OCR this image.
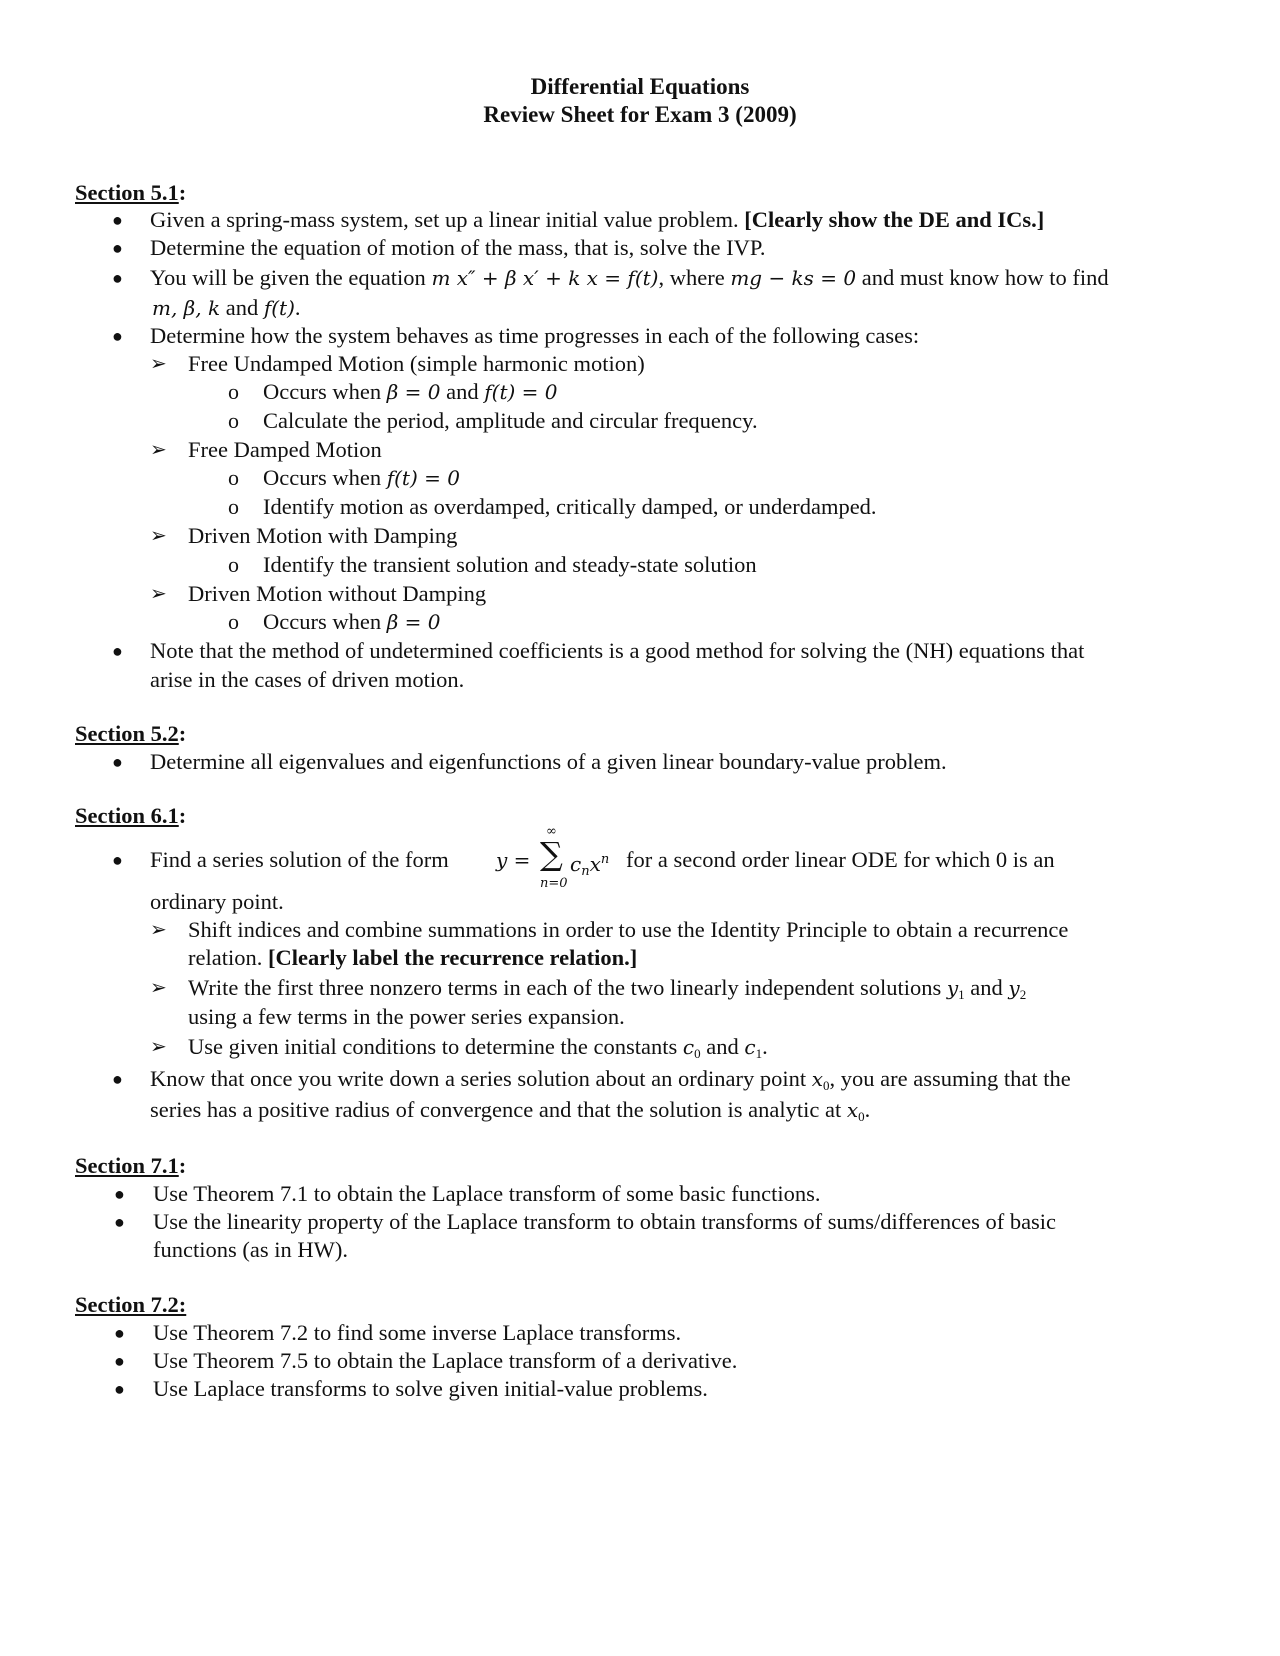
Differential Equations
Review Sheet for Exam 3 (2009)
Section 5.1:
● Given a spring-mass system, set up a linear initial value problem. [Clearly show the DE and ICs.]
● Determine the equation of motion of the mass, that is, solve the IVP.
● You will be given the equation m x″ + β x′ + k x = f(t), where mg − ks = 0 and must know how to find
m, β, k and f(t).
● Determine how the system behaves as time progresses in each of the following cases:
➢ Free Undamped Motion (simple harmonic motion)
o Occurs when β = 0 and f(t) = 0
o Calculate the period, amplitude and circular frequency.
➢ Free Damped Motion
o Occurs when f(t) = 0
o Identify motion as overdamped, critically damped, or underdamped.
➢ Driven Motion with Damping
o Identify the transient solution and steady-state solution
➢ Driven Motion without Damping
o Occurs when β = 0
● Note that the method of undetermined coefficients is a good method for solving the (NH) equations that
arise in the cases of driven motion.
Section 5.2:
● Determine all eigenvalues and eigenfunctions of a given linear boundary-value problem.
Section 6.1:
● Find a series solution of the form y = ∑
∞
n=0
$c_nx^n$ for a second order linear ODE for which 0 is an
ordinary point.
➢ Shift indices and combine summations in order to use the Identity Principle to obtain a recurrence
relation. [Clearly label the recurrence relation.]
➢ Write the first three nonzero terms in each of the two linearly independent solutions $y_1$ and $y_2$
using a few terms in the power series expansion.
➢ Use given initial conditions to determine the constants $c_0$ and $c_1$.
● Know that once you write down a series solution about an ordinary point $x_0$, you are assuming that the
series has a positive radius of convergence and that the solution is analytic at $x_0$.
Section 7.1:
● Use Theorem 7.1 to obtain the Laplace transform of some basic functions.
● Use the linearity property of the Laplace transform to obtain transforms of sums/differences of basic
functions (as in HW).
Section 7.2:
● Use Theorem 7.2 to find some inverse Laplace transforms.
● Use Theorem 7.5 to obtain the Laplace transform of a derivative.
● Use Laplace transforms to solve given initial-value problems.
